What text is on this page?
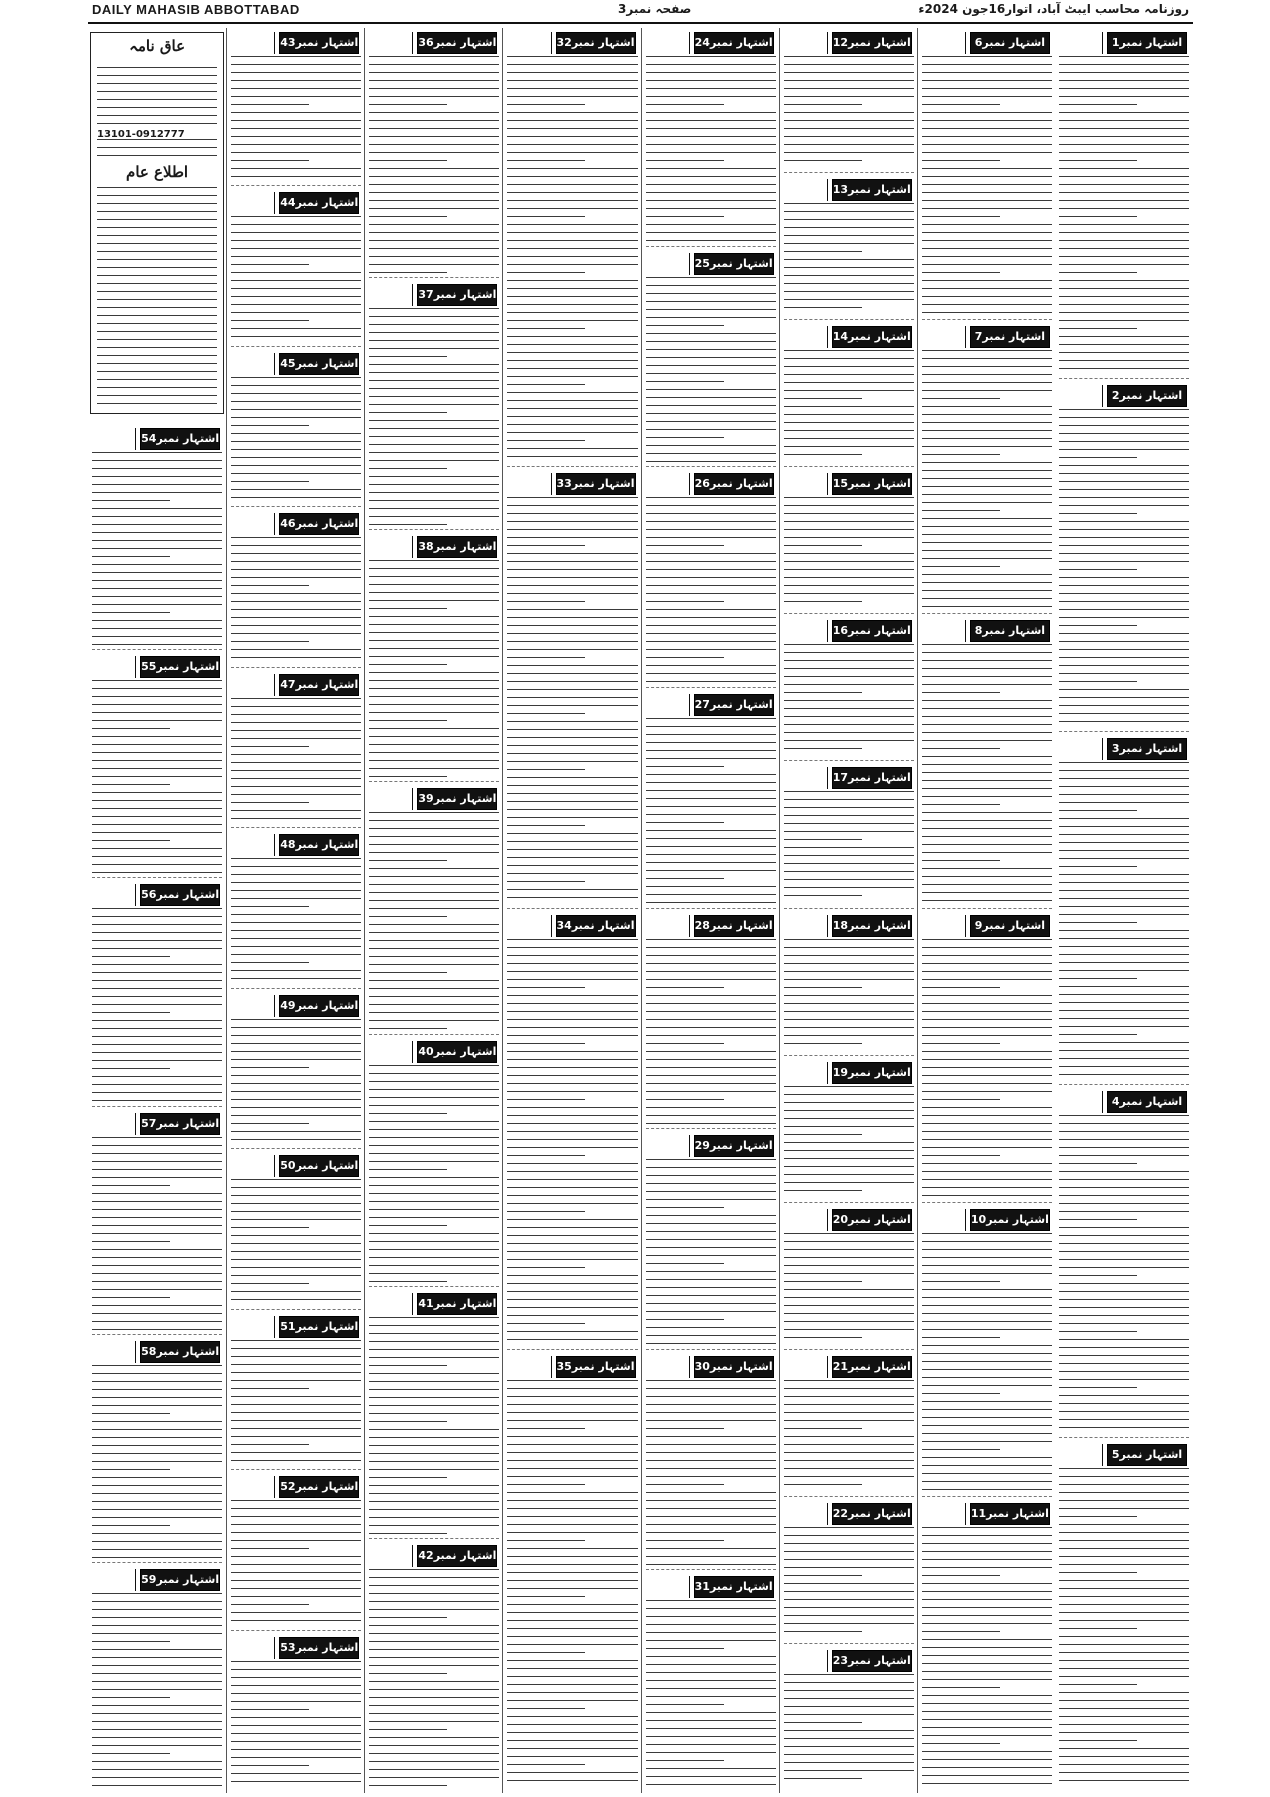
DAILY MAHASIB ABBOTTABAD	صفحہ نمبر3	روزنامہ محاسب ایبٹ آباد، اتوار16جون 2024ء
اشتہار نمبر1
اشتہار نمبر2
اشتہار نمبر3
اشتہار نمبر4
اشتہار نمبر5
اشتہار نمبر6
اشتہار نمبر7
اشتہار نمبر8
اشتہار نمبر9
اشتہار نمبر10
اشتہار نمبر11
اشتہار نمبر12
اشتہار نمبر13
اشتہار نمبر14
اشتہار نمبر15
اشتہار نمبر16
اشتہار نمبر17
اشتہار نمبر18
اشتہار نمبر19
اشتہار نمبر20
اشتہار نمبر21
اشتہار نمبر22
اشتہار نمبر23
اشتہار نمبر24
اشتہار نمبر25
اشتہار نمبر26
اشتہار نمبر27
اشتہار نمبر28
اشتہار نمبر29
اشتہار نمبر30
اشتہار نمبر31
اشتہار نمبر32
اشتہار نمبر33
اشتہار نمبر34
اشتہار نمبر35
اشتہار نمبر36
اشتہار نمبر37
اشتہار نمبر38
اشتہار نمبر39
اشتہار نمبر40
اشتہار نمبر41
اشتہار نمبر42
اشتہار نمبر43
اشتہار نمبر44
اشتہار نمبر45
اشتہار نمبر46
اشتہار نمبر47
اشتہار نمبر48
اشتہار نمبر49
اشتہار نمبر50
اشتہار نمبر51
اشتہار نمبر52
اشتہار نمبر53
عاق نامہ
13101-0912777
اطلاع عام
اشتہار نمبر54
اشتہار نمبر55
اشتہار نمبر56
اشتہار نمبر57
اشتہار نمبر58
اشتہار نمبر59
